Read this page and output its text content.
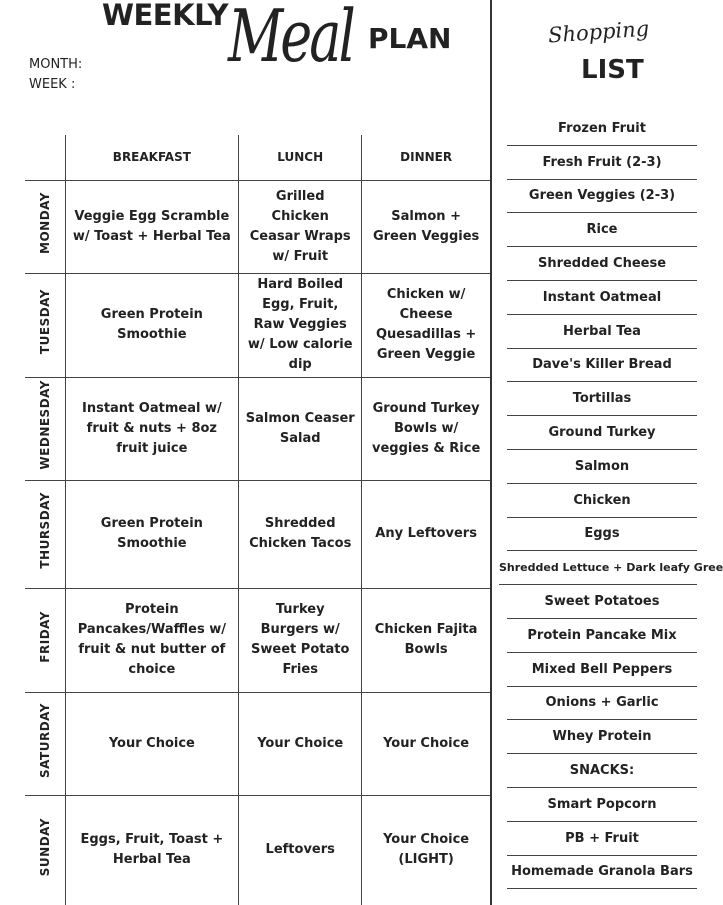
WEEKLY Meal PLAN
MONTH:
WEEK :
Shopping
LIST
	BREAKFAST	LUNCH	DINNER
MONDAY	Veggie Egg Scramble w/ Toast + Herbal Tea	Grilled Chicken Ceasar Wraps w/ Fruit	Salmon + Green Veggies
TUESDAY	Green Protein Smoothie	Hard Boiled Egg, Fruit, Raw Veggies w/ Low calorie dip	Chicken w/ Cheese Quesadillas + Green Veggie
WEDNESDAY	Instant Oatmeal w/ fruit & nuts + 8oz fruit juice	Salmon Ceaser Salad	Ground Turkey Bowls w/ veggies & Rice
THURSDAY	Green Protein Smoothie	Shredded Chicken Tacos	Any Leftovers
FRIDAY	Protein Pancakes/Waffles w/ fruit & nut butter of choice	Turkey Burgers w/ Sweet Potato Fries	Chicken Fajita Bowls
SATURDAY	Your Choice	Your Choice	Your Choice
SUNDAY	Eggs, Fruit, Toast + Herbal Tea	Leftovers	Your Choice (LIGHT)
Frozen Fruit
Fresh Fruit (2-3)
Green Veggies (2-3)
Rice
Shredded Cheese
Instant Oatmeal
Herbal Tea
Dave's Killer Bread
Tortillas
Ground Turkey
Salmon
Chicken
Eggs
Shredded Lettuce + Dark leafy Gree
Sweet Potatoes
Protein Pancake Mix
Mixed Bell Peppers
Onions + Garlic
Whey Protein
SNACKS:
Smart Popcorn
PB + Fruit
Homemade Granola Bars
